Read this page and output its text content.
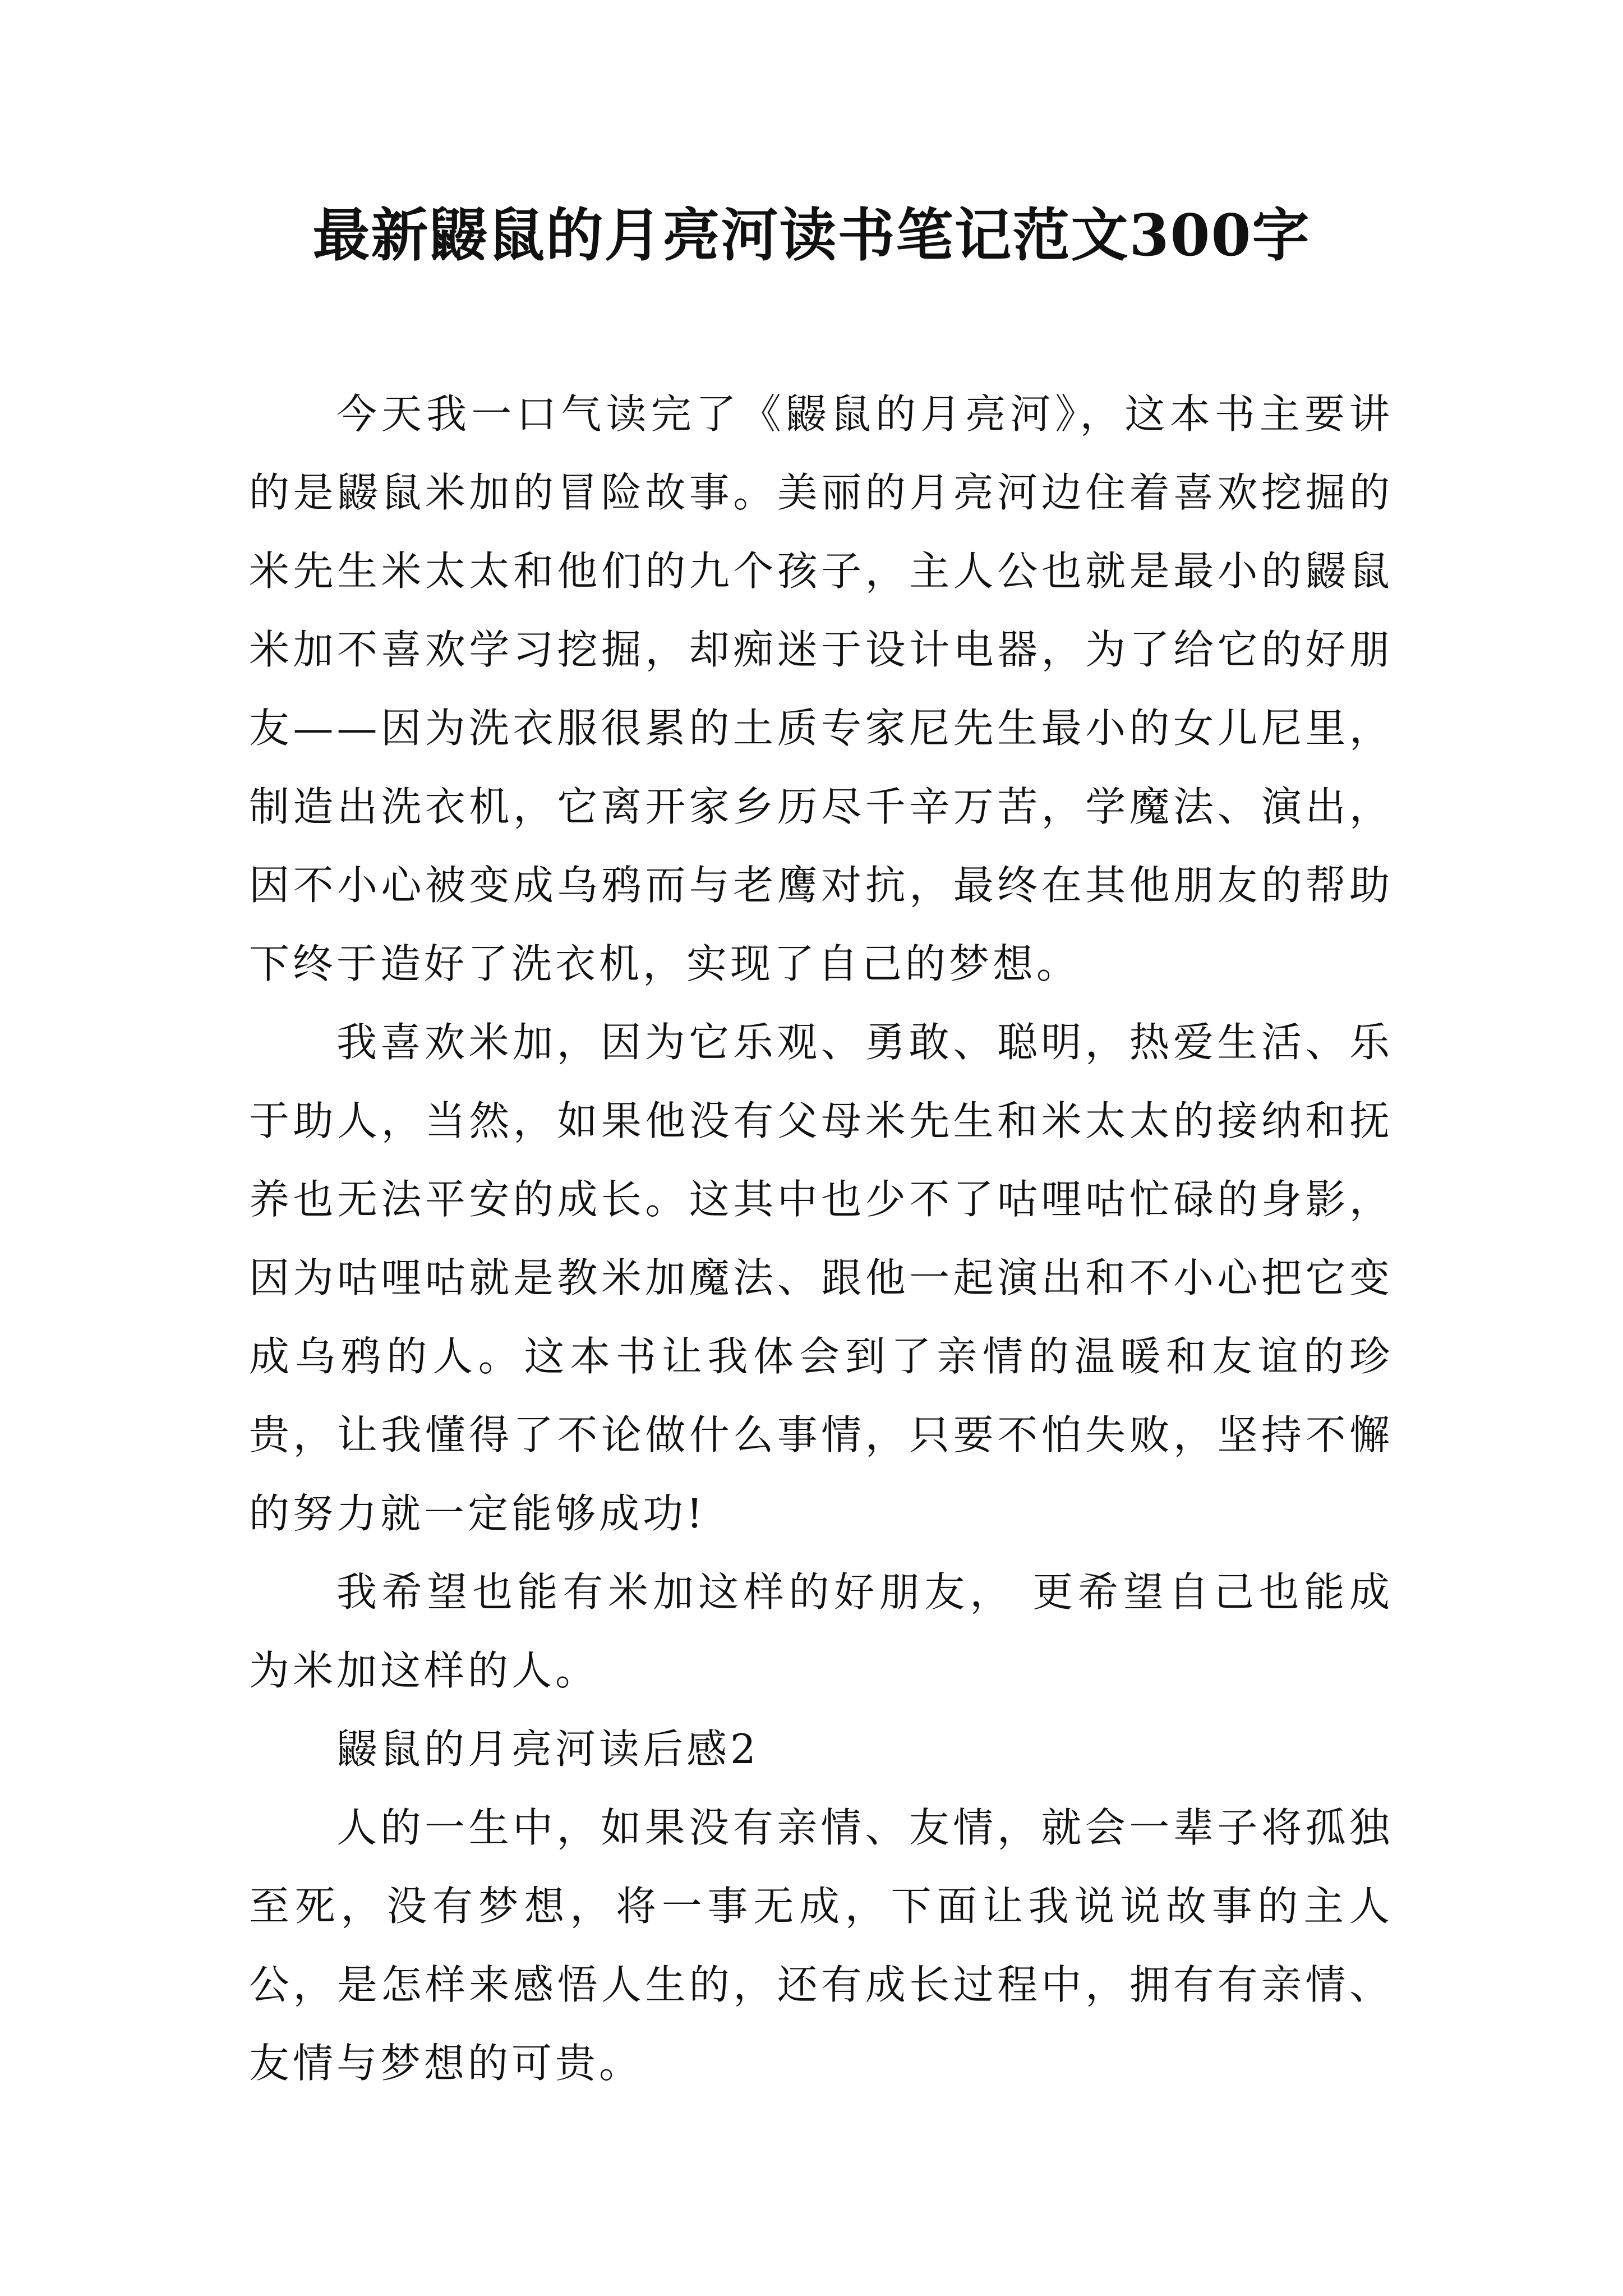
最新鼹鼠的月亮河读书笔记范文300字

今天我一口气读完了《鼹鼠的月亮河》，这本书主要讲的是鼹鼠米加的冒险故事。美丽的月亮河边住着喜欢挖掘的米先生米太太和他们的九个孩子，主人公也就是最小的鼹鼠米加不喜欢学习挖掘，却痴迷于设计电器，为了给它的好朋友——因为洗衣服很累的土质专家尼先生最小的女儿尼里，制造出洗衣机，它离开家乡历尽千辛万苦，学魔法、演出，因不小心被变成乌鸦而与老鹰对抗，最终在其他朋友的帮助下终于造好了洗衣机，实现了自己的梦想。

我喜欢米加，因为它乐观、勇敢、聪明，热爱生活、乐于助人，当然，如果他没有父母米先生和米太太的接纳和抚养也无法平安的成长。这其中也少不了咕哩咕忙碌的身影，因为咕哩咕就是教米加魔法、跟他一起演出和不小心把它变成乌鸦的人。这本书让我体会到了亲情的温暖和友谊的珍贵，让我懂得了不论做什么事情，只要不怕失败，坚持不懈的努力就一定能够成功!

我希望也能有米加这样的好朋友， 更希望自己也能成为米加这样的人。

鼹鼠的月亮河读后感2

人的一生中，如果没有亲情、友情，就会一辈子将孤独至死，没有梦想，将一事无成，下面让我说说故事的主人公，是怎样来感悟人生的，还有成长过程中，拥有有亲情、友情与梦想的可贵。
